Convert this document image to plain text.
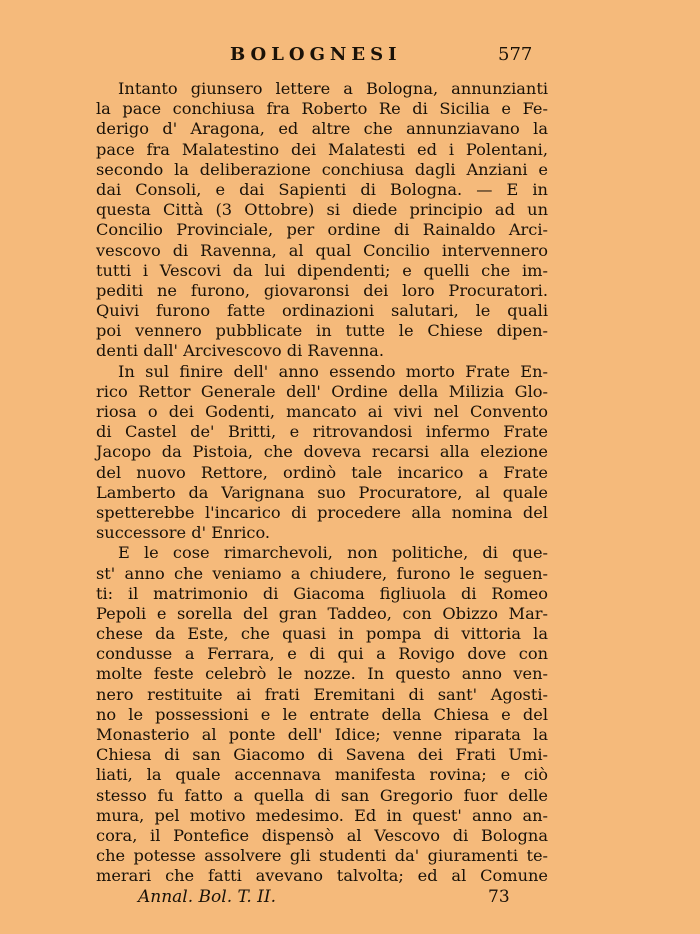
BOLOGNESI	577
Intanto giunsero lettere a Bologna, annunzianti
la pace conchiusa fra Roberto Re di Sicilia e Fe-
derigo d' Aragona, ed altre che annunziavano la
pace fra Malatestino dei Malatesti ed i Polentani,
secondo la deliberazione conchiusa dagli Anziani e
dai Consoli, e dai Sapienti di Bologna. — E in
questa Città (3 Ottobre) si diede principio ad un
Concilio Provinciale, per ordine di Rainaldo Arci-
vescovo di Ravenna, al qual Concilio intervennero
tutti i Vescovi da lui dipendenti; e quelli che im-
pediti ne furono, giovaronsi dei loro Procuratori.
Quivi furono fatte ordinazioni salutari, le quali
poi vennero pubblicate in tutte le Chiese dipen-
denti dall' Arcivescovo di Ravenna.
In sul finire dell' anno essendo morto Frate En-
rico Rettor Generale dell' Ordine della Milizia Glo-
riosa o dei Godenti, mancato ai vivi nel Convento
di Castel de' Britti, e ritrovandosi infermo Frate
Jacopo da Pistoia, che doveva recarsi alla elezione
del nuovo Rettore, ordinò tale incarico a Frate
Lamberto da Varignana suo Procuratore, al quale
spetterebbe l'incarico di procedere alla nomina del
successore d' Enrico.
E le cose rimarchevoli, non politiche, di que-
st' anno che veniamo a chiudere, furono le seguen-
ti: il matrimonio di Giacoma figliuola di Romeo
Pepoli e sorella del gran Taddeo, con Obizzo Mar-
chese da Este, che quasi in pompa di vittoria la
condusse a Ferrara, e di qui a Rovigo dove con
molte feste celebrò le nozze. In questo anno ven-
nero restituite ai frati Eremitani di sant' Agosti-
no le possessioni e le entrate della Chiesa e del
Monasterio al ponte dell' Idice; venne riparata la
Chiesa di san Giacomo di Savena dei Frati Umi-
liati, la quale accennava manifesta rovina; e ciò
stesso fu fatto a quella di san Gregorio fuor delle
mura, pel motivo medesimo. Ed in quest' anno an-
cora, il Pontefice dispensò al Vescovo di Bologna
che potesse assolvere gli studenti da' giuramenti te-
merari che fatti avevano talvolta; ed al Comune
Annal. Bol. T. II.	73
